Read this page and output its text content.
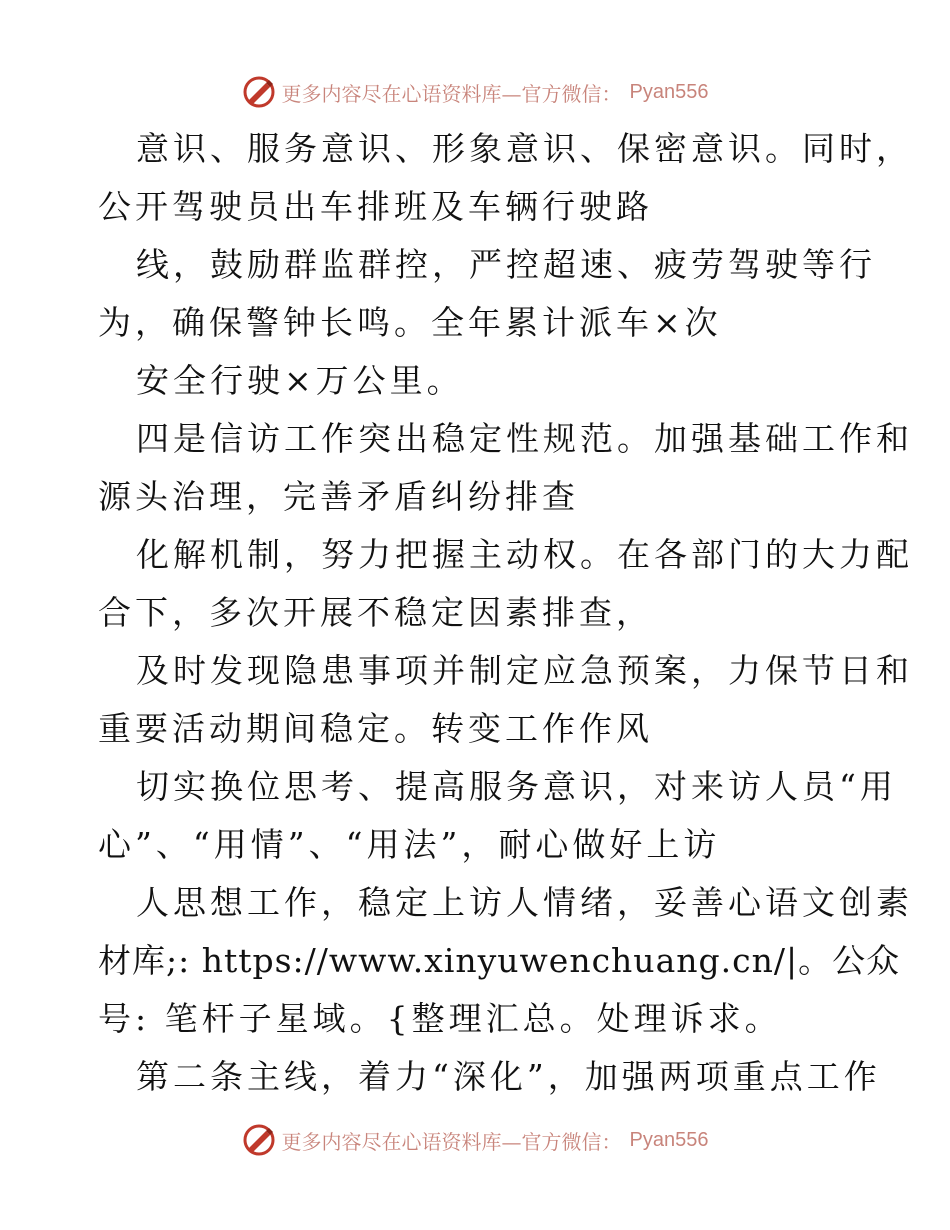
更多内容尽在心语资料库—官方微信： Pyan556
意识、服务意识、形象意识、保密意识。同时，
公开驾驶员出车排班及车辆行驶路
线，鼓励群监群控，严控超速、疲劳驾驶等行
为，确保警钟长鸣。全年累计派车×次
安全行驶×万公里。
四是信访工作突出稳定性规范。加强基础工作和
源头治理，完善矛盾纠纷排查
化解机制，努力把握主动权。在各部门的大力配
合下，多次开展不稳定因素排查，
及时发现隐患事项并制定应急预案，力保节日和
重要活动期间稳定。转变工作作风
切实换位思考、提高服务意识，对来访人员“用
心”、“用情”、“用法”，耐心做好上访
人思想工作，稳定上访人情绪，妥善心语文创素
材库;: https://www.xinyuwenchuang.cn/|。公众
号: 笔杆子星域。{整理汇总。处理诉求。
第二条主线，着力“深化”，加强两项重点工作
更多内容尽在心语资料库—官方微信： Pyan556
